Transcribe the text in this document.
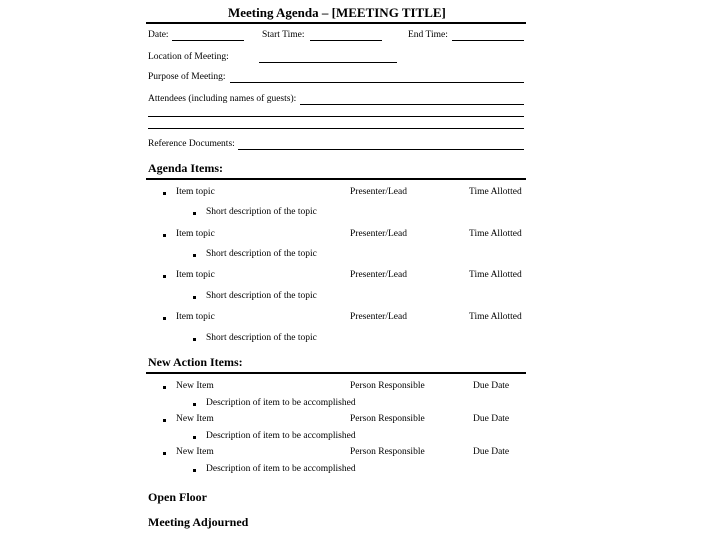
Meeting Agenda – [MEETING TITLE]
Date:	Start Time:	End Time:
Location of Meeting:
Purpose of Meeting:
Attendees (including names of guests):
Reference Documents:
Agenda Items:
Item topic	Presenter/Lead	Time Allotted
Short description of the topic
Item topic	Presenter/Lead	Time Allotted
Short description of the topic
Item topic	Presenter/Lead	Time Allotted
Short description of the topic
Item topic	Presenter/Lead	Time Allotted
Short description of the topic
New Action Items:
New Item	Person Responsible	Due Date
Description of item to be accomplished
New Item	Person Responsible	Due Date
Description of item to be accomplished
New Item	Person Responsible	Due Date
Description of item to be accomplished
Open Floor
Meeting Adjourned
